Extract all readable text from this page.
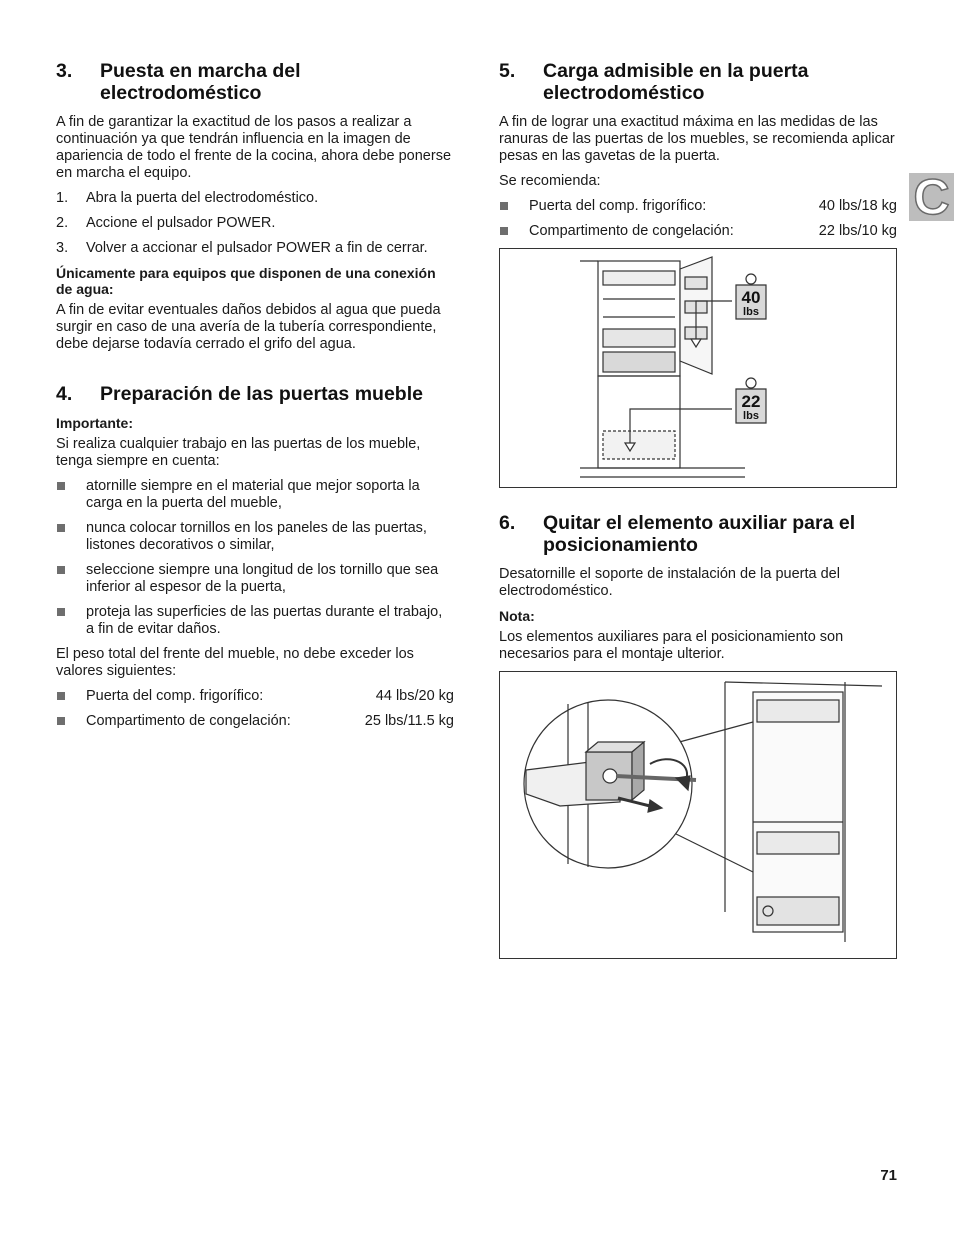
C
3.	Puesta en marcha del electrodoméstico

A fin de garantizar la exactitud de los pasos a realizar a continuación ya que tendrán influencia en la imagen de apariencia de todo el frente de la cocina, ahora debe ponerse en marcha el equipo.

1.	Abra la puerta del electrodoméstico.
2.	Accione el pulsador POWER.
3.	Volver a accionar el pulsador POWER a fin de cerrar.

Únicamente para equipos que disponen de una conexión de agua:

A fin de evitar eventuales daños debidos al agua que pueda surgir en caso de una avería de la tubería correspondiente, debe dejarse todavía cerrado el grifo del agua.

4.	Preparación de las puertas mueble

Importante:

Si realiza cualquier trabajo en las puertas de los mueble, tenga siempre en cuenta:

atornille siempre en el material que mejor soporta la carga en la puerta del mueble,
nunca colocar tornillos en los paneles de las puertas, listones decorativos o similar,
seleccione siempre una longitud de los tornillo que sea inferior al espesor de la puerta,
proteja las superficies de las puertas durante el trabajo, a fin de evitar daños.

El peso total del frente del mueble, no debe exceder los valores siguientes:

Puerta del comp. frigorífico:	44 lbs/20 kg
Compartimento de congelación:	25 lbs/11.5 kg
5.	Carga admisible en la puerta electrodoméstico

A fin de lograr una exactitud máxima en las medidas de las ranuras de las puertas de los muebles, se recomienda aplicar pesas en las gavetas de la puerta.

Se recomienda:

Puerta del comp. frigorífico:	40 lbs/18 kg
Compartimento de congelación:	22 lbs/10 kg
40
lbs
22
lbs
6.	Quitar el elemento auxiliar para el posicionamiento

Desatornille el soporte de instalación de la puerta del electrodoméstico.

Nota:

Los elementos auxiliares para el posicionamiento son necesarios para el montaje ulterior.

71
